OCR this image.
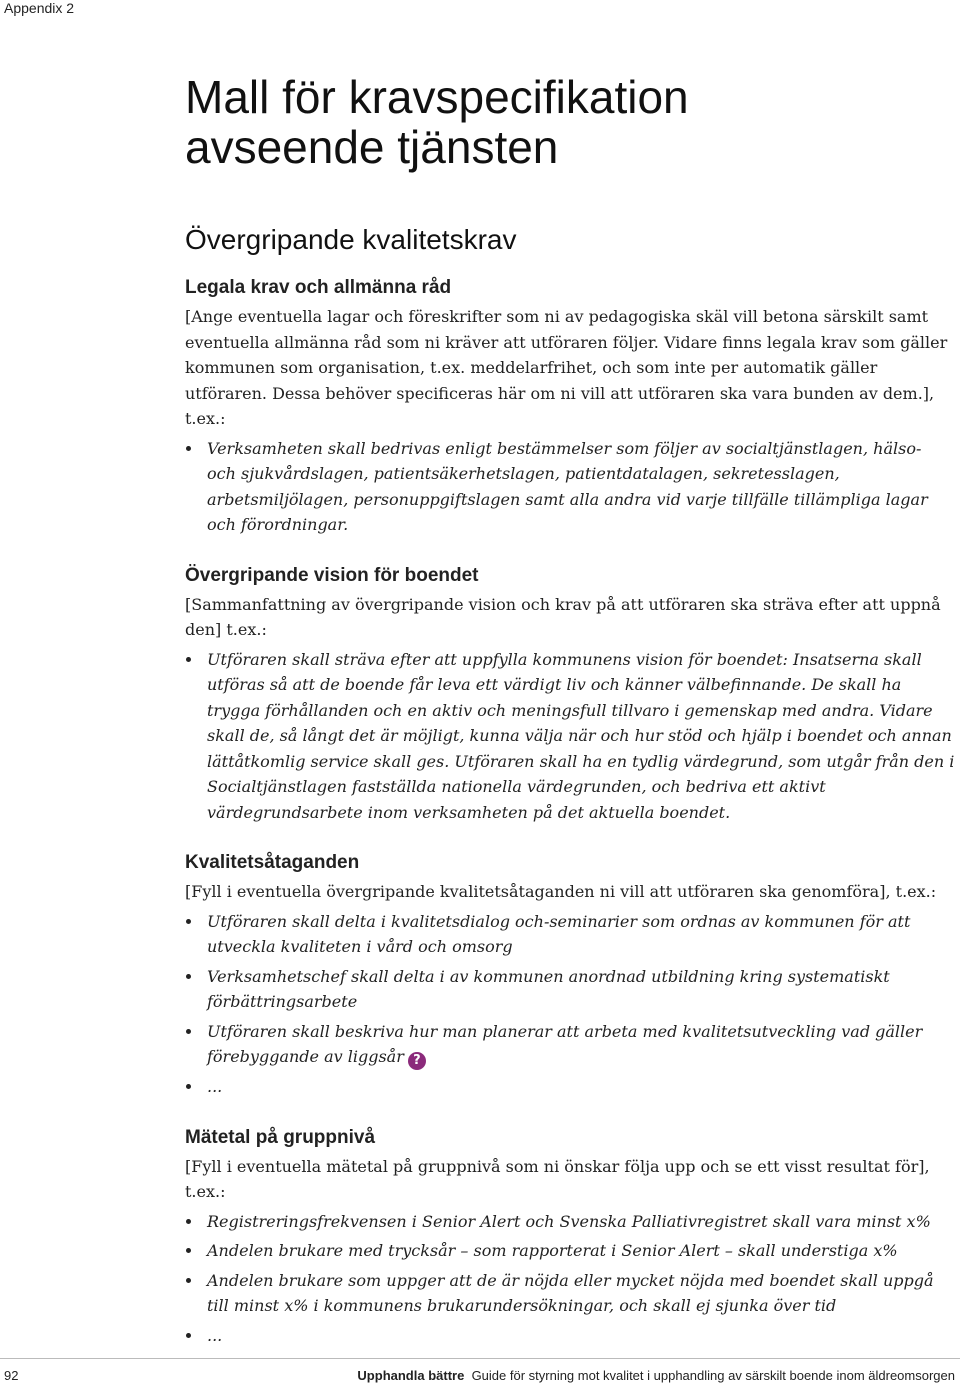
Appendix 2
Mall för kravspecifikation
avseende tjänsten
Övergripande kvalitetskrav
Legala krav och allmänna råd

[Ange eventuella lagar och föreskrifter som ni av pedagogiska skäl vill betona särskilt samt eventuella allmänna råd som ni kräver att utföraren följer. Vidare finns legala krav som gäller kommunen som organisation, t.ex. meddelarfrihet, och som inte per automatik gäller utföraren. Dessa behöver specificeras här om ni vill att utföraren ska vara bunden av dem.], t.ex.:

Verksamheten skall bedrivas enligt bestämmelser som följer av socialtjänstlagen, hälso- och sjukvårdslagen, patientsäkerhetslagen, patientdatalagen, sekretesslagen, arbetsmiljölagen, personuppgiftslagen samt alla andra vid varje tillfälle tillämpliga lagar och förordningar.
Övergripande vision för boendet

[Sammanfattning av övergripande vision och krav på att utföraren ska sträva efter att uppnå den] t.ex.:

Utföraren skall sträva efter att uppfylla kommunens vision för boendet: Insatserna skall utföras så att de boende får leva ett värdigt liv och känner välbefinnande. De skall ha trygga förhållanden och en aktiv och meningsfull tillvaro i gemenskap med andra. Vidare skall de, så långt det är möjligt, kunna välja när och hur stöd och hjälp i boendet och annan lättåtkomlig service skall ges. Utföraren skall ha en tydlig värdegrund, som utgår från den i Socialtjänstlagen fastställda nationella värdegrunden, och bedriva ett aktivt värdegrundsarbete inom verksamheten på det aktuella boendet.
Kvalitetsåtaganden

[Fyll i eventuella övergripande kvalitetsåtaganden ni vill att utföraren ska genomföra], t.ex.:

Utföraren skall delta i kvalitetsdialog och-seminarier som ordnas av kommunen för att utveckla kvaliteten i vård och omsorg
Verksamhetschef skall delta i av kommunen anordnad utbildning kring systematiskt förbättringsarbete
Utföraren skall beskriva hur man planerar att arbeta med kvalitetsutveckling vad gäller förebyggande av liggsår ?
...
Mätetal på gruppnivå

[Fyll i eventuella mätetal på gruppnivå som ni önskar följa upp och se ett visst resultat för], t.ex.:

Registreringsfrekvensen i Senior Alert och Svenska Palliativregistret skall vara minst x%
Andelen brukare med trycksår – som rapporterat i Senior Alert – skall understiga x%
Andelen brukare som uppger att de är nöjda eller mycket nöjda med boendet skall uppgå till minst x% i kommunens brukarundersökningar, och skall ej sjunka över tid
...
92	Upphandla bättre Guide för styrning mot kvalitet i upphandling av särskilt boende inom äldreomsorgen
